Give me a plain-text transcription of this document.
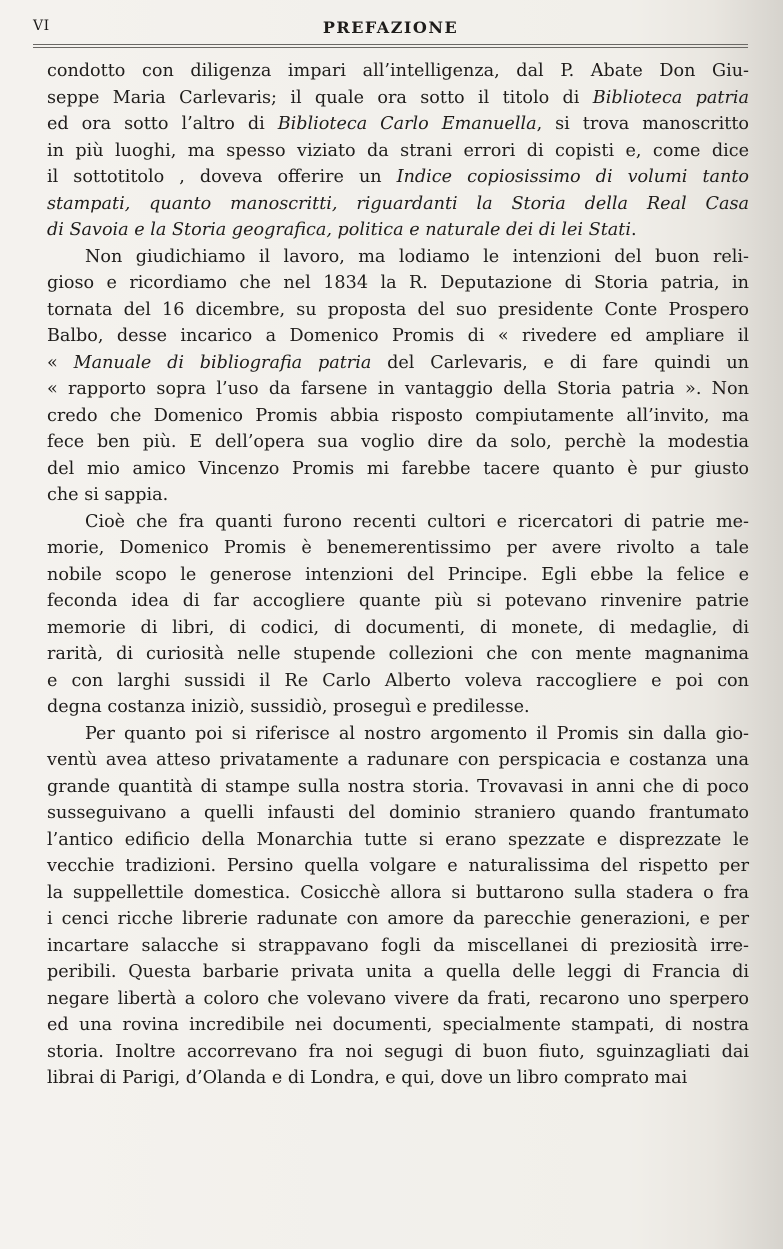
VI	PREFAZIONE

condotto con diligenza impari all’intelligenza, dal P. Abate Don Giu-
seppe Maria Carlevaris; il quale ora sotto il titolo di Biblioteca patria
ed ora sotto l’altro di Biblioteca Carlo Emanuella, si trova manoscritto
in più luoghi, ma spesso viziato da strani errori di copisti e, come dice
il sottotitolo , doveva offerire un Indice copiosissimo di volumi tanto
stampati, quanto manoscritti, riguardanti la Storia della Real Casa
di Savoia e la Storia geografica, politica e naturale dei di lei Stati.

Non giudichiamo il lavoro, ma lodiamo le intenzioni del buon reli-
gioso e ricordiamo che nel 1834 la R. Deputazione di Storia patria, in
tornata del 16 dicembre, su proposta del suo presidente Conte Prospero
Balbo, desse incarico a Domenico Promis di « rivedere ed ampliare il
« Manuale di bibliografia patria del Carlevaris, e di fare quindi un
« rapporto sopra l’uso da farsene in vantaggio della Storia patria ». Non
credo che Domenico Promis abbia risposto compiutamente all’invito, ma
fece ben più. E dell’opera sua voglio dire da solo, perchè la modestia
del mio amico Vincenzo Promis mi farebbe tacere quanto è pur giusto
che si sappia.

Cioè che fra quanti furono recenti cultori e ricercatori di patrie me-
morie, Domenico Promis è benemerentissimo per avere rivolto a tale
nobile scopo le generose intenzioni del Principe. Egli ebbe la felice e
feconda idea di far accogliere quante più si potevano rinvenire patrie
memorie di libri, di codici, di documenti, di monete, di medaglie, di
rarità, di curiosità nelle stupende collezioni che con mente magnanima
e con larghi sussidi il Re Carlo Alberto voleva raccogliere e poi con
degna costanza iniziò, sussidiò, proseguì e predilesse.

Per quanto poi si riferisce al nostro argomento il Promis sin dalla gio-
ventù avea atteso privatamente a radunare con perspicacia e costanza una
grande quantità di stampe sulla nostra storia. Trovavasi in anni che di poco
susseguivano a quelli infausti del dominio straniero quando frantumato
l’antico edificio della Monarchia tutte si erano spezzate e disprezzate le
vecchie tradizioni. Persino quella volgare e naturalissima del rispetto per
la suppellettile domestica. Cosicchè allora si buttarono sulla stadera o fra
i cenci ricche librerie radunate con amore da parecchie generazioni, e per
incartare salacche si strappavano fogli da miscellanei di preziosità irre-
peribili. Questa barbarie privata unita a quella delle leggi di Francia di
negare libertà a coloro che volevano vivere da frati, recarono uno sperpero
ed una rovina incredibile nei documenti, specialmente stampati, di nostra
storia. Inoltre accorrevano fra noi segugi di buon fiuto, sguinzagliati dai
librai di Parigi, d’Olanda e di Londra, e qui, dove un libro comprato mai
